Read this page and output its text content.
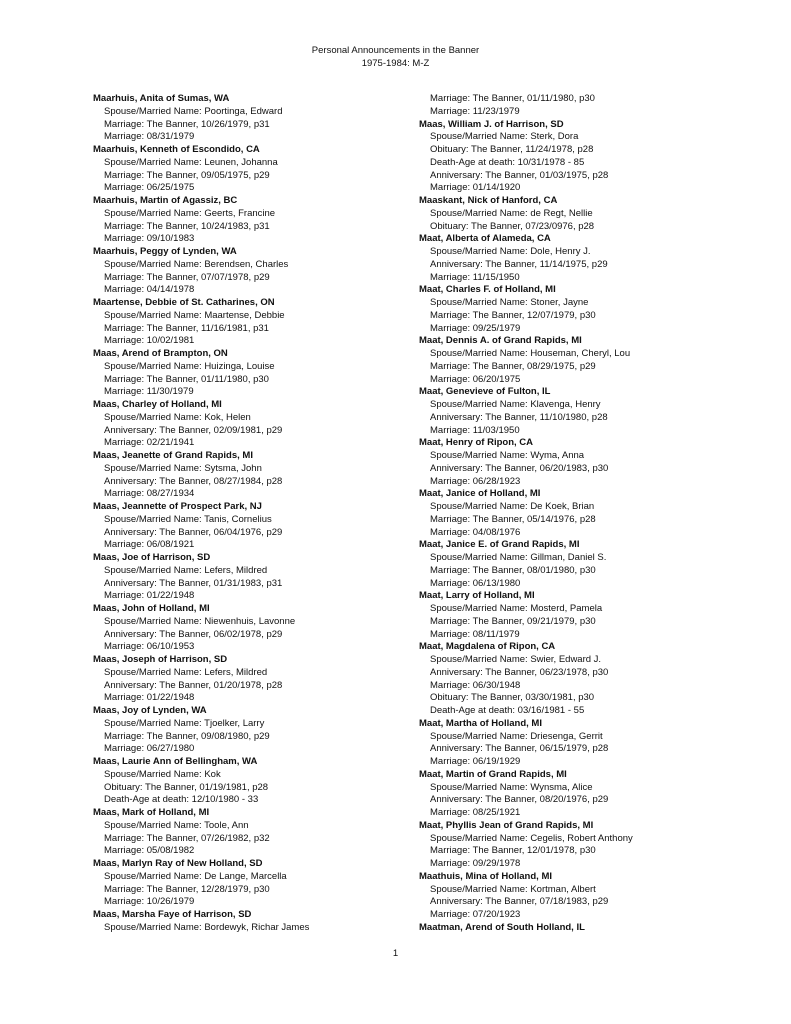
Personal Announcements in the Banner
1975-1984: M-Z
Maarhuis, Anita of Sumas, WA
Spouse/Married Name: Poortinga, Edward
Marriage: The Banner, 10/26/1979, p31
Marriage: 08/31/1979
Maarhuis, Kenneth of Escondido, CA
Spouse/Married Name: Leunen, Johanna
Marriage: The Banner, 09/05/1975, p29
Marriage: 06/25/1975
Maarhuis, Martin of Agassiz, BC
Spouse/Married Name: Geerts, Francine
Marriage: The Banner, 10/24/1983, p31
Marriage: 09/10/1983
Maarhuis, Peggy of Lynden, WA
Spouse/Married Name: Berendsen, Charles
Marriage: The Banner, 07/07/1978, p29
Marriage: 04/14/1978
Maartense, Debbie of St. Catharines, ON
Spouse/Married Name: Maartense, Debbie
Marriage: The Banner, 11/16/1981, p31
Marriage: 10/02/1981
Maas, Arend of Brampton, ON
Spouse/Married Name: Huizinga, Louise
Marriage: The Banner, 01/11/1980, p30
Marriage: 11/30/1979
Maas, Charley of Holland, MI
Spouse/Married Name: Kok, Helen
Anniversary: The Banner, 02/09/1981, p29
Marriage: 02/21/1941
Maas, Jeanette of Grand Rapids, MI
Spouse/Married Name: Sytsma, John
Anniversary: The Banner, 08/27/1984, p28
Marriage: 08/27/1934
Maas, Jeannette of Prospect Park, NJ
Spouse/Married Name: Tanis, Cornelius
Anniversary: The Banner, 06/04/1976, p29
Marriage: 06/08/1921
Maas, Joe of Harrison, SD
Spouse/Married Name: Lefers, Mildred
Anniversary: The Banner, 01/31/1983, p31
Marriage: 01/22/1948
Maas, John of Holland, MI
Spouse/Married Name: Niewenhuis, Lavonne
Anniversary: The Banner, 06/02/1978, p29
Marriage: 06/10/1953
Maas, Joseph of Harrison, SD
Spouse/Married Name: Lefers, Mildred
Anniversary: The Banner, 01/20/1978, p28
Marriage: 01/22/1948
Maas, Joy of Lynden, WA
Spouse/Married Name: Tjoelker, Larry
Marriage: The Banner, 09/08/1980, p29
Marriage: 06/27/1980
Maas, Laurie Ann of Bellingham, WA
Spouse/Married Name: Kok
Obituary: The Banner, 01/19/1981, p28
Death-Age at death: 12/10/1980 - 33
Maas, Mark of Holland, MI
Spouse/Married Name: Toole, Ann
Marriage: The Banner, 07/26/1982, p32
Marriage: 05/08/1982
Maas, Marlyn Ray of New Holland, SD
Spouse/Married Name: De Lange, Marcella
Marriage: The Banner, 12/28/1979, p30
Marriage: 10/26/1979
Maas, Marsha Faye of Harrison, SD
Spouse/Married Name: Bordewyk, Richar James
Marriage: The Banner, 01/11/1980, p30
Marriage: 11/23/1979
Maas, William J. of Harrison, SD
Spouse/Married Name: Sterk, Dora
Obituary: The Banner, 11/24/1978, p28
Death-Age at death: 10/31/1978 - 85
Anniversary: The Banner, 01/03/1975, p28
Marriage: 01/14/1920
Maaskant, Nick of Hanford, CA
Spouse/Married Name: de Regt, Nellie
Obituary: The Banner, 07/23/0976, p28
Maat, Alberta of Alameda, CA
Spouse/Married Name: Dole, Henry J.
Anniversary: The Banner, 11/14/1975, p29
Marriage: 11/15/1950
Maat, Charles F. of Holland, MI
Spouse/Married Name: Stoner, Jayne
Marriage: The Banner, 12/07/1979, p30
Marriage: 09/25/1979
Maat, Dennis A. of Grand Rapids, MI
Spouse/Married Name: Houseman, Cheryl, Lou
Marriage: The Banner, 08/29/1975, p29
Marriage: 06/20/1975
Maat, Genevieve of Fulton, IL
Spouse/Married Name: Klavenga, Henry
Anniversary: The Banner, 11/10/1980, p28
Marriage: 11/03/1950
Maat, Henry of Ripon, CA
Spouse/Married Name: Wyma, Anna
Anniversary: The Banner, 06/20/1983, p30
Marriage: 06/28/1923
Maat, Janice of Holland, MI
Spouse/Married Name: De Koek, Brian
Marriage: The Banner, 05/14/1976, p28
Marriage: 04/08/1976
Maat, Janice E. of Grand Rapids, MI
Spouse/Married Name: Gillman, Daniel S.
Marriage: The Banner, 08/01/1980, p30
Marriage: 06/13/1980
Maat, Larry of Holland, MI
Spouse/Married Name: Mosterd, Pamela
Marriage: The Banner, 09/21/1979, p30
Marriage: 08/11/1979
Maat, Magdalena of Ripon, CA
Spouse/Married Name: Swier, Edward J.
Anniversary: The Banner, 06/23/1978, p30
Marriage: 06/30/1948
Obituary: The Banner, 03/30/1981, p30
Death-Age at death: 03/16/1981 - 55
Maat, Martha of Holland, MI
Spouse/Married Name: Driesenga, Gerrit
Anniversary: The Banner, 06/15/1979, p28
Marriage: 06/19/1929
Maat, Martin of Grand Rapids, MI
Spouse/Married Name: Wynsma, Alice
Anniversary: The Banner, 08/20/1976, p29
Marriage: 08/25/1921
Maat, Phyllis Jean of Grand Rapids, MI
Spouse/Married Name: Cegelis, Robert Anthony
Marriage: The Banner, 12/01/1978, p30
Marriage: 09/29/1978
Maathuis, Mina of Holland, MI
Spouse/Married Name: Kortman, Albert
Anniversary: The Banner, 07/18/1983, p29
Marriage: 07/20/1923
Maatman, Arend of South Holland, IL
1
